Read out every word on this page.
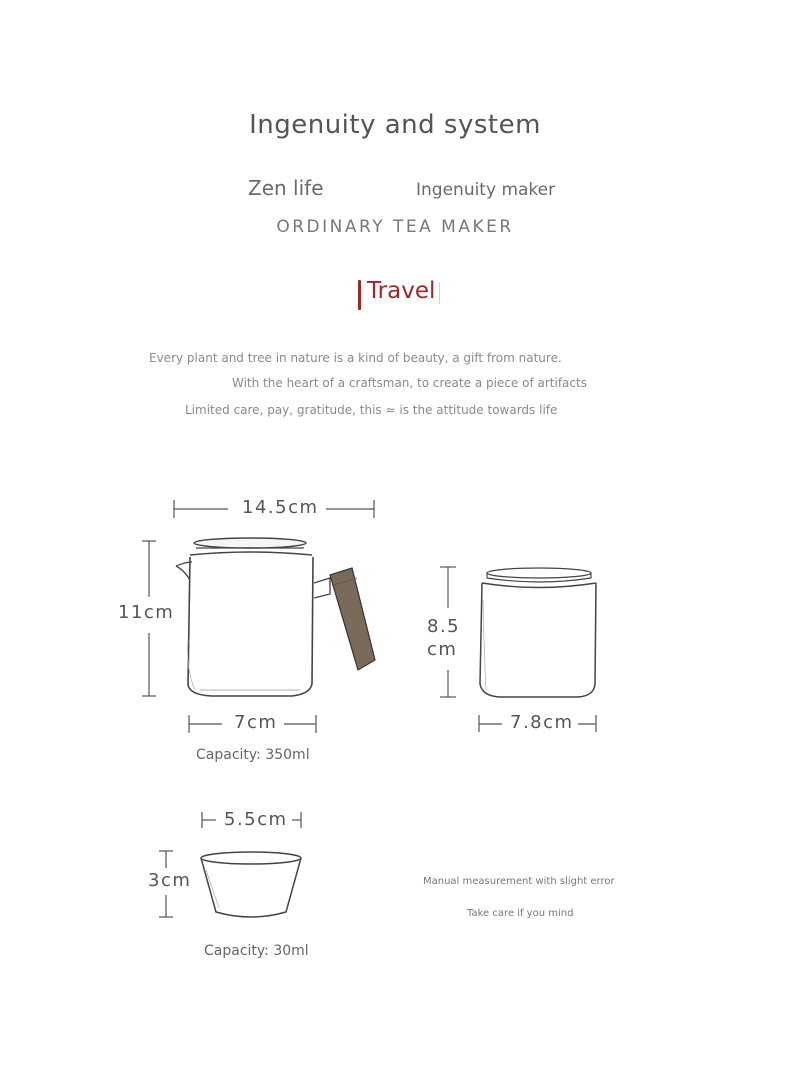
Ingenuity and system
Zen life	Ingenuity maker
ORDINARY TEA MAKER
Travel
Every plant and tree in nature is a kind of beauty, a gift from nature.
With the heart of a craftsman, to create a piece of artifacts
Limited care, pay, gratitude, this ≈ is the attitude towards life
14.5cm
11cm
7cm
Capacity: 350ml
8.5
cm
7.8cm
5.5cm
3cm
Capacity: 30ml
Manual measurement with slight error
Take care if you mind
